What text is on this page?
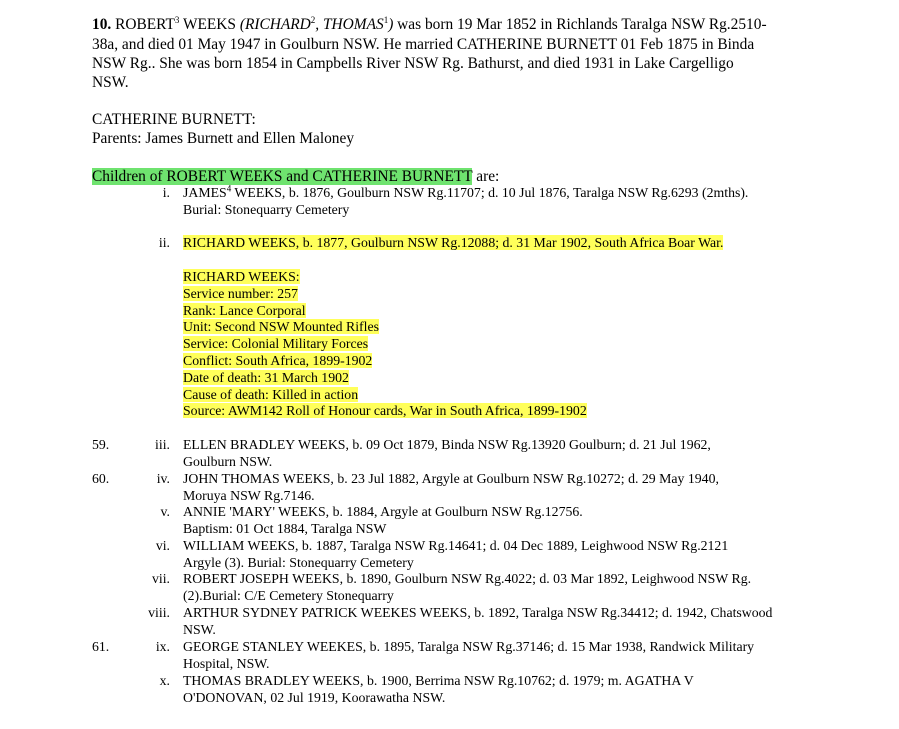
10. ROBERT$^3$ WEEKS (RICHARD$^2$, THOMAS$^1$) was born 19 Mar 1852 in Richlands Taralga NSW Rg.2510-
38a, and died 01 May 1947 in Goulburn NSW. He married CATHERINE BURNETT 01 Feb 1875 in Binda
NSW Rg.. She was born 1854 in Campbells River NSW Rg. Bathurst, and died 1931 in Lake Cargelligo
NSW.
CATHERINE BURNETT:
Parents: James Burnett and Ellen Maloney
Children of ROBERT WEEKS and CATHERINE BURNETT are:
i. JAMES$^4$ WEEKS, b. 1876, Goulburn NSW Rg.11707; d. 10 Jul 1876, Taralga NSW Rg.6293 (2mths).
Burial: Stonequarry Cemetery
ii. RICHARD WEEKS, b. 1877, Goulburn NSW Rg.12088; d. 31 Mar 1902, South Africa Boar War.
RICHARD WEEKS:
Service number: 257
Rank: Lance Corporal
Unit: Second NSW Mounted Rifles
Service: Colonial Military Forces
Conflict: South Africa, 1899-1902
Date of death: 31 March 1902
Cause of death: Killed in action
Source: AWM142 Roll of Honour cards, War in South Africa, 1899-1902
59.	iii. ELLEN BRADLEY WEEKS, b. 09 Oct 1879, Binda NSW Rg.13920 Goulburn; d. 21 Jul 1962,
Goulburn NSW.
60.	iv. JOHN THOMAS WEEKS, b. 23 Jul 1882, Argyle at Goulburn NSW Rg.10272; d. 29 May 1940,
Moruya NSW Rg.7146.
v. ANNIE 'MARY' WEEKS, b. 1884, Argyle at Goulburn NSW Rg.12756.
Baptism: 01 Oct 1884, Taralga NSW
vi. WILLIAM WEEKS, b. 1887, Taralga NSW Rg.14641; d. 04 Dec 1889, Leighwood NSW Rg.2121
Argyle (3). Burial: Stonequarry Cemetery
vii. ROBERT JOSEPH WEEKS, b. 1890, Goulburn NSW Rg.4022; d. 03 Mar 1892, Leighwood NSW Rg.
(2).Burial: C/E Cemetery Stonequarry
viii. ARTHUR SYDNEY PATRICK WEEKES WEEKS, b. 1892, Taralga NSW Rg.34412; d. 1942, Chatswood
NSW.
61.	ix. GEORGE STANLEY WEEKES, b. 1895, Taralga NSW Rg.37146; d. 15 Mar 1938, Randwick Military
Hospital, NSW.
x. THOMAS BRADLEY WEEKS, b. 1900, Berrima NSW Rg.10762; d. 1979; m. AGATHA V
O'DONOVAN, 02 Jul 1919, Koorawatha NSW.
